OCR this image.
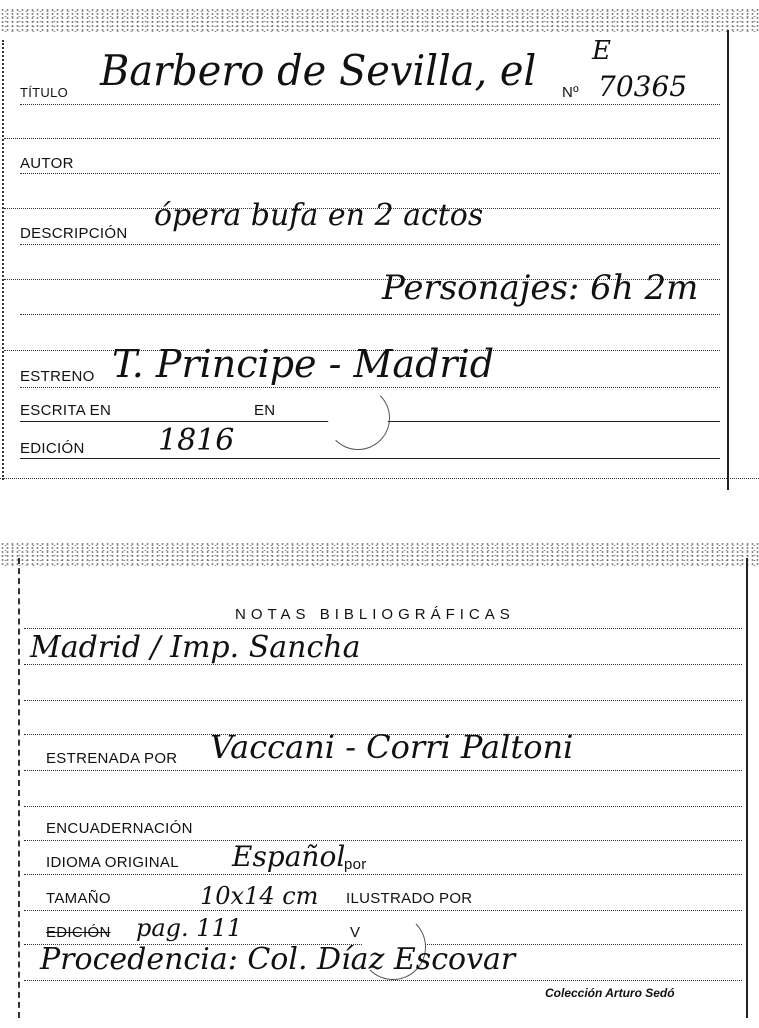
E
TÍTULO Barbero de Sevilla, el Nº 70365
AUTOR
DESCRIPCIÓN
ópera bufa en 2 actos
Personajes: 6h 2m
ESTRENO T. Principe - Madrid
ESCRITA EN	EN
EDICIÓN 1816
NOTAS BIBLIOGRÁFICAS
Madrid / Imp. Sancha
ESTRENADA POR Vaccani - Corri Paltoni
ENCUADERNACIÓN
IDIOMA ORIGINAL Español
por
TAMAÑO	10x14 cm ILUSTRADO POR
EDICIÓN pag. 111	V
Procedencia: Col. Díaz Escovar
Colección Arturo Sedó
